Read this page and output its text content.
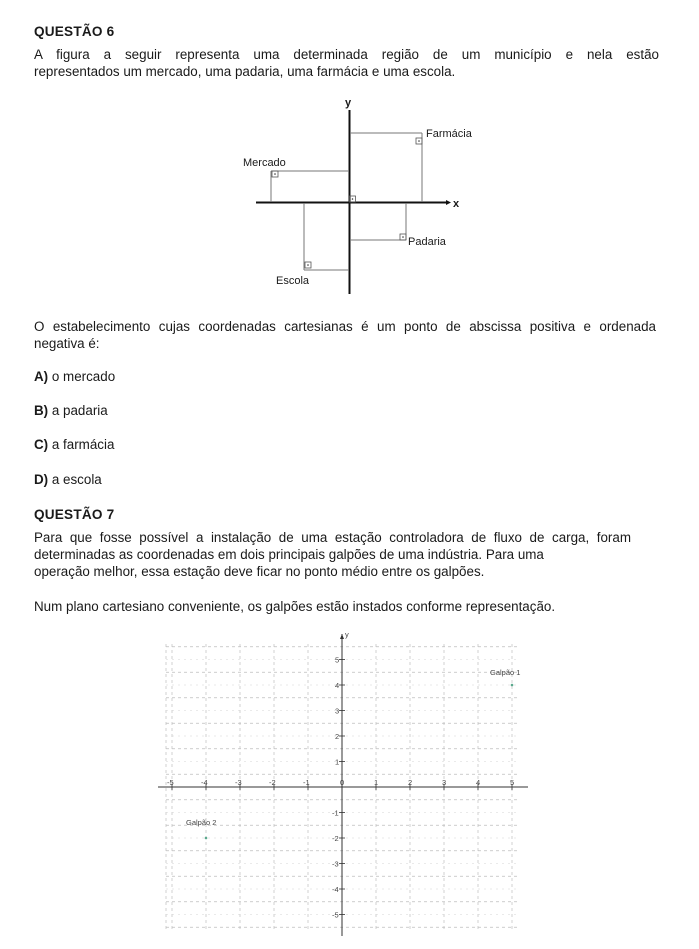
QUESTÃO 6
A figura a seguir representa uma determinada região de um município e nela estão
representados um mercado, uma padaria, uma farmácia e uma escola.
y
x
Farmácia
Mercado
Padaria
Escola
O estabelecimento cujas coordenadas cartesianas é um ponto de abscissa positiva e ordenada
negativa é:
A) o mercado
B) a padaria
C) a farmácia
D) a escola
QUESTÃO 7
Para que fosse possível a instalação de uma estação controladora de fluxo de carga, foram
determinadas as coordenadas em dois principais galpões de uma indústria. Para uma
operação melhor, essa estação deve ficar no ponto médio entre os galpões.
Num plano cartesiano conveniente, os galpões estão instados conforme representação.
y
-5	-4	-3	-2	-1	0	1	2	3	4	5
5
4
3
2
1
-1
-2
-3
-4
-5
Galpão 1
Galpão 2
